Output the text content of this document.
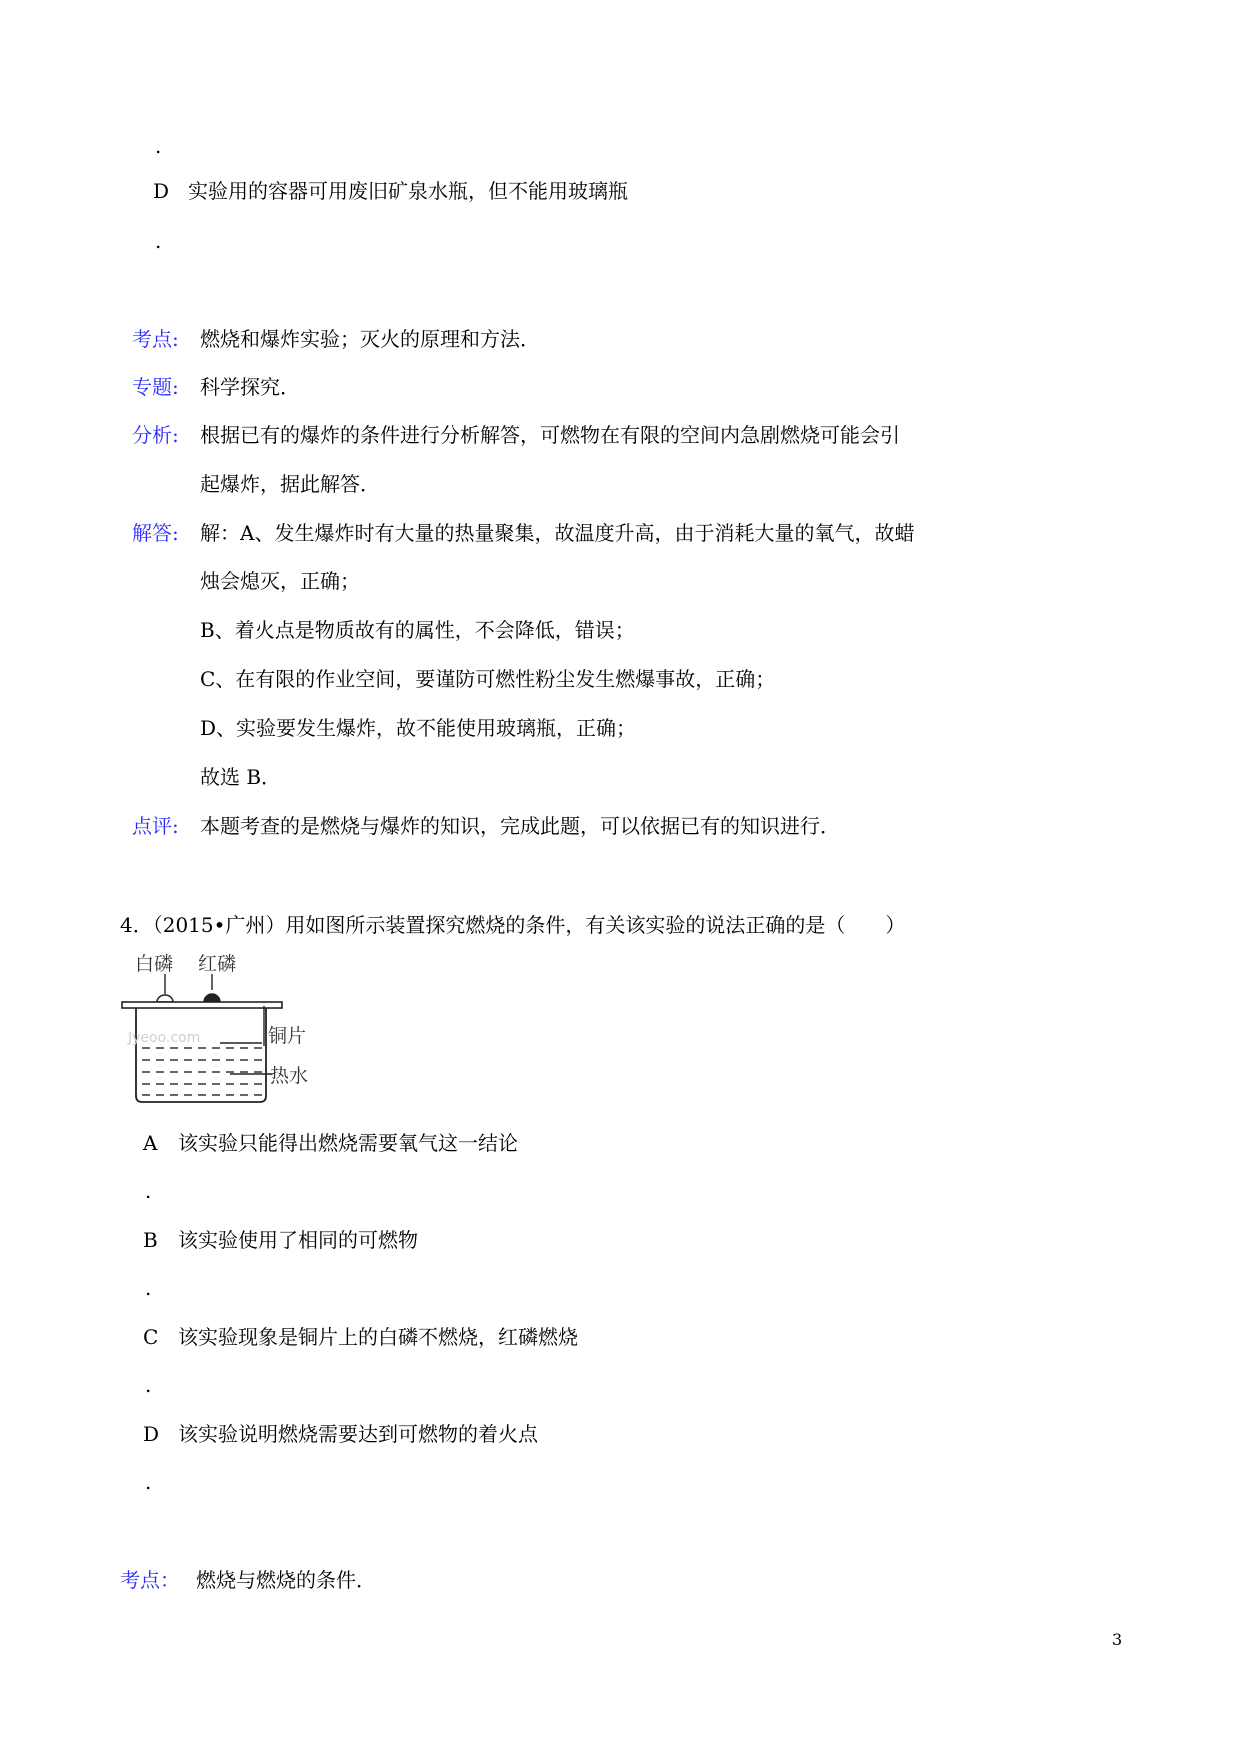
.
D 实验用的容器可用废旧矿泉水瓶，但不能用玻璃瓶
.
考点: 燃烧和爆炸实验；灭火的原理和方法．
专题: 科学探究．
分析: 根据已有的爆炸的条件进行分析解答，可燃物在有限的空间内急剧燃烧可能会引
起爆炸，据此解答．
解答: 解：A、发生爆炸时有大量的热量聚集，故温度升高，由于消耗大量的氧气，故蜡
烛会熄灭，正确；
B、着火点是物质故有的属性，不会降低，错误；
C、在有限的作业空间，要谨防可燃性粉尘发生燃爆事故，正确；
D、实验要发生爆炸，故不能使用玻璃瓶，正确；
故选 B．
点评: 本题考查的是燃烧与爆炸的知识，完成此题，可以依据已有的知识进行．
4．（2015•广州）用如图所示装置探究燃烧的条件，有关该实验的说法正确的是（　　）
白磷 红磷
铜片
热水
Jyeoo.com
A 该实验只能得出燃烧需要氧气这一结论
.
B 该实验使用了相同的可燃物
.
C 该实验现象是铜片上的白磷不燃烧，红磷燃烧
.
D 该实验说明燃烧需要达到可燃物的着火点
.
考点： 燃烧与燃烧的条件．
3
